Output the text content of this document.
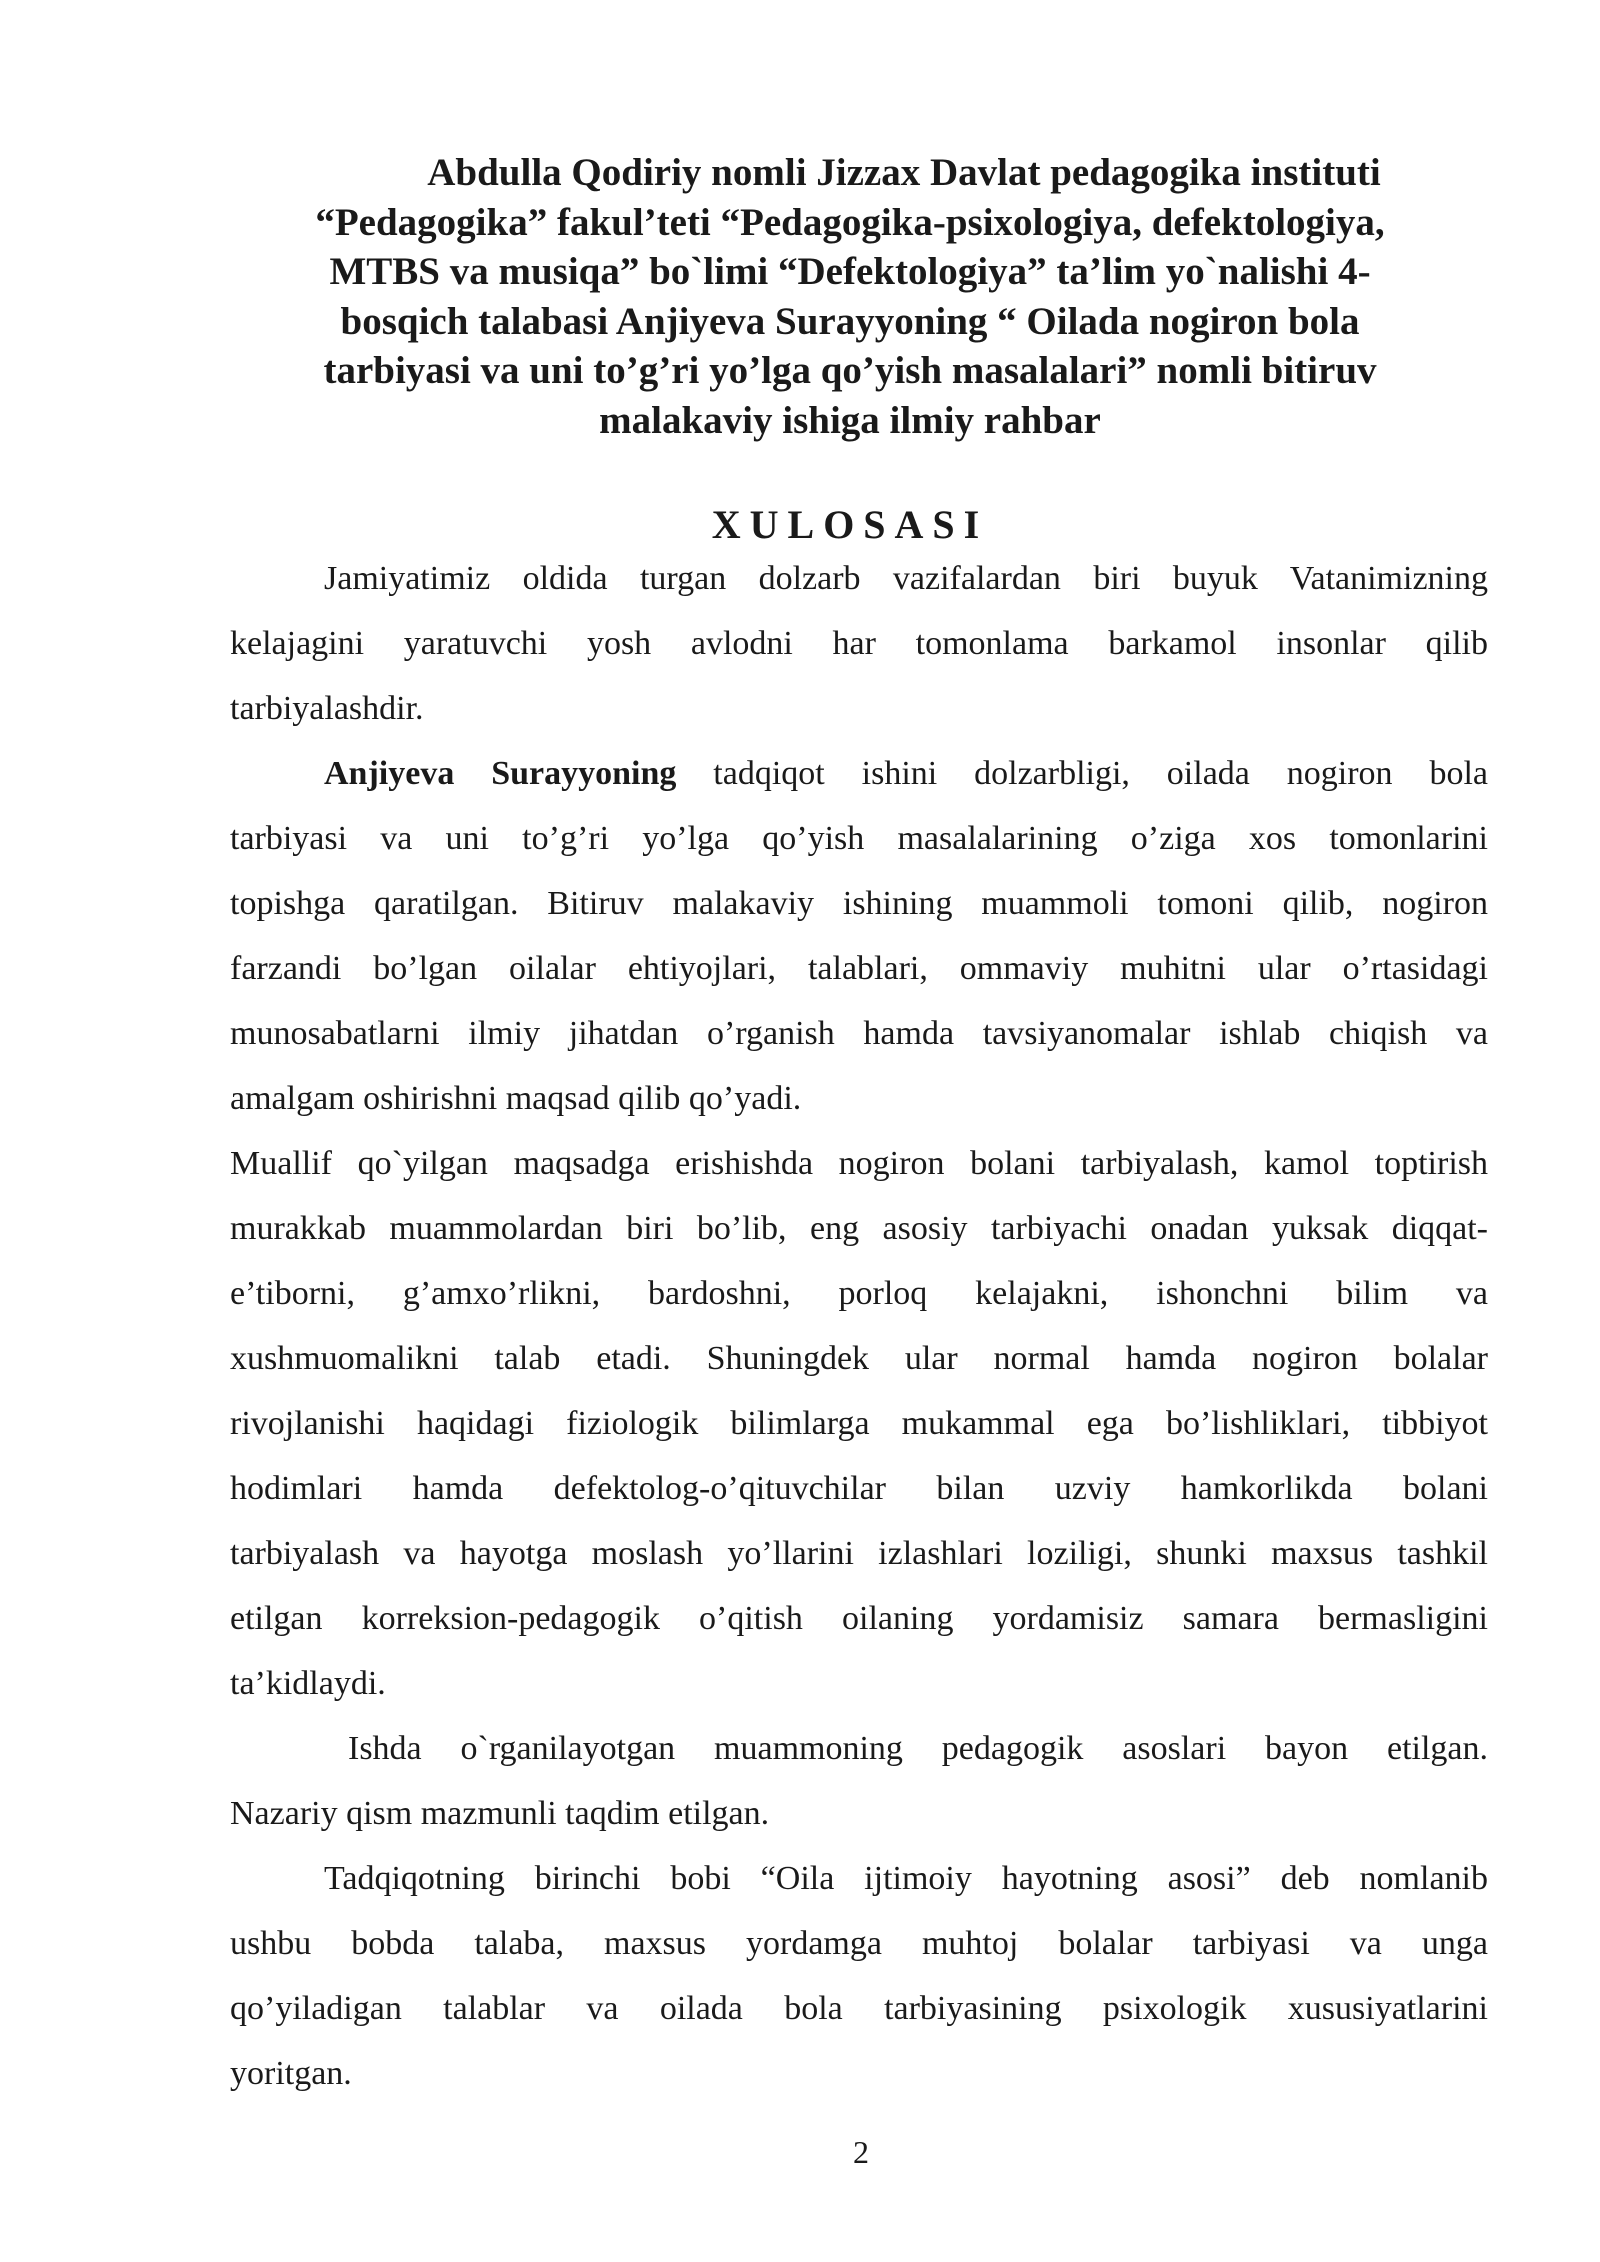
Abdulla Qodiriy nomli Jizzax Davlat pedagogika instituti
“Pedagogika” fakul’teti “Pedagogika-psixologiya, defektologiya,
MTBS va musiqa” bo`limi “Defektologiya” ta’lim yo`nalishi 4-
bosqich talabasi Anjiyeva Surayyoning “ Oilada nogiron bola
tarbiyasi va uni to’g’ri yo’lga qo’yish masalalari” nomli bitiruv
malakaviy ishiga ilmiy rahbar
XULOSASI

Jamiyatimiz oldida turgan dolzarb vazifalardan biri buyuk Vatanimizning
kelajagini yaratuvchi yosh avlodni har tomonlama barkamol insonlar qilib
tarbiyalashdir.

Anjiyeva Surayyoning tadqiqot ishini dolzarbligi, oilada nogiron bola
tarbiyasi va uni to’g’ri yo’lga qo’yish masalalarining o’ziga xos tomonlarini
topishga qaratilgan. Bitiruv malakaviy ishining muammoli tomoni qilib, nogiron
farzandi bo’lgan oilalar ehtiyojlari, talablari, ommaviy muhitni ular o’rtasidagi
munosabatlarni ilmiy jihatdan o’rganish hamda tavsiyanomalar ishlab chiqish va
amalgam oshirishni maqsad qilib qo’yadi.

Muallif qo`yilgan maqsadga erishishda nogiron bolani tarbiyalash, kamol toptirish
murakkab muammolardan biri bo’lib, eng asosiy tarbiyachi onadan yuksak diqqat-
e’tiborni, g’amxo’rlikni, bardoshni, porloq kelajakni, ishonchni bilim va
xushmuomalikni talab etadi. Shuningdek ular normal hamda nogiron bolalar
rivojlanishi haqidagi fiziologik bilimlarga mukammal ega bo’lishliklari, tibbiyot
hodimlari hamda defektolog-o’qituvchilar bilan uzviy hamkorlikda bolani
tarbiyalash va hayotga moslash yo’llarini izlashlari loziligi, shunki maxsus tashkil
etilgan korreksion-pedagogik o’qitish oilaning yordamisiz samara bermasligini
ta’kidlaydi.

Ishda o`rganilayotgan muammoning pedagogik asoslari bayon etilgan.
Nazariy qism mazmunli taqdim etilgan.

Tadqiqotning birinchi bobi “Oila ijtimoiy hayotning asosi” deb nomlanib
ushbu bobda talaba, maxsus yordamga muhtoj bolalar tarbiyasi va unga
qo’yiladigan talablar va oilada bola tarbiyasining psixologik xususiyatlarini
yoritgan.

2
